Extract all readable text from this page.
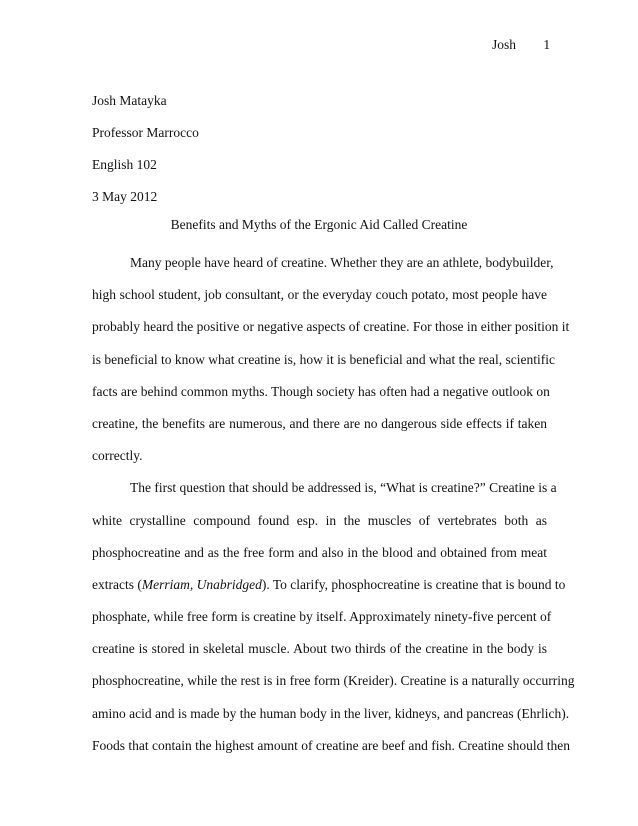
Josh 1
Josh Matayka
Professor Marrocco
English 102
3 May 2012
Benefits and Myths of the Ergonic Aid Called Creatine
Many people have heard of creatine. Whether they are an athlete, bodybuilder,
high school student, job consultant, or the everyday couch potato, most people have
probably heard the positive or negative aspects of creatine. For those in either position it
is beneficial to know what creatine is, how it is beneficial and what the real, scientific
facts are behind common myths. Though society has often had a negative outlook on
creatine, the benefits are numerous, and there are no dangerous side effects if taken
correctly.
The first question that should be addressed is, “What is creatine?” Creatine is a
white crystalline compound found esp. in the muscles of vertebrates both as
phosphocreatine and as the free form and also in the blood and obtained from meat
extracts (Merriam, Unabridged). To clarify, phosphocreatine is creatine that is bound to
phosphate, while free form is creatine by itself. Approximately ninety-five percent of
creatine is stored in skeletal muscle. About two thirds of the creatine in the body is
phosphocreatine, while the rest is in free form (Kreider). Creatine is a naturally occurring
amino acid and is made by the human body in the liver, kidneys, and pancreas (Ehrlich).
Foods that contain the highest amount of creatine are beef and fish. Creatine should then
